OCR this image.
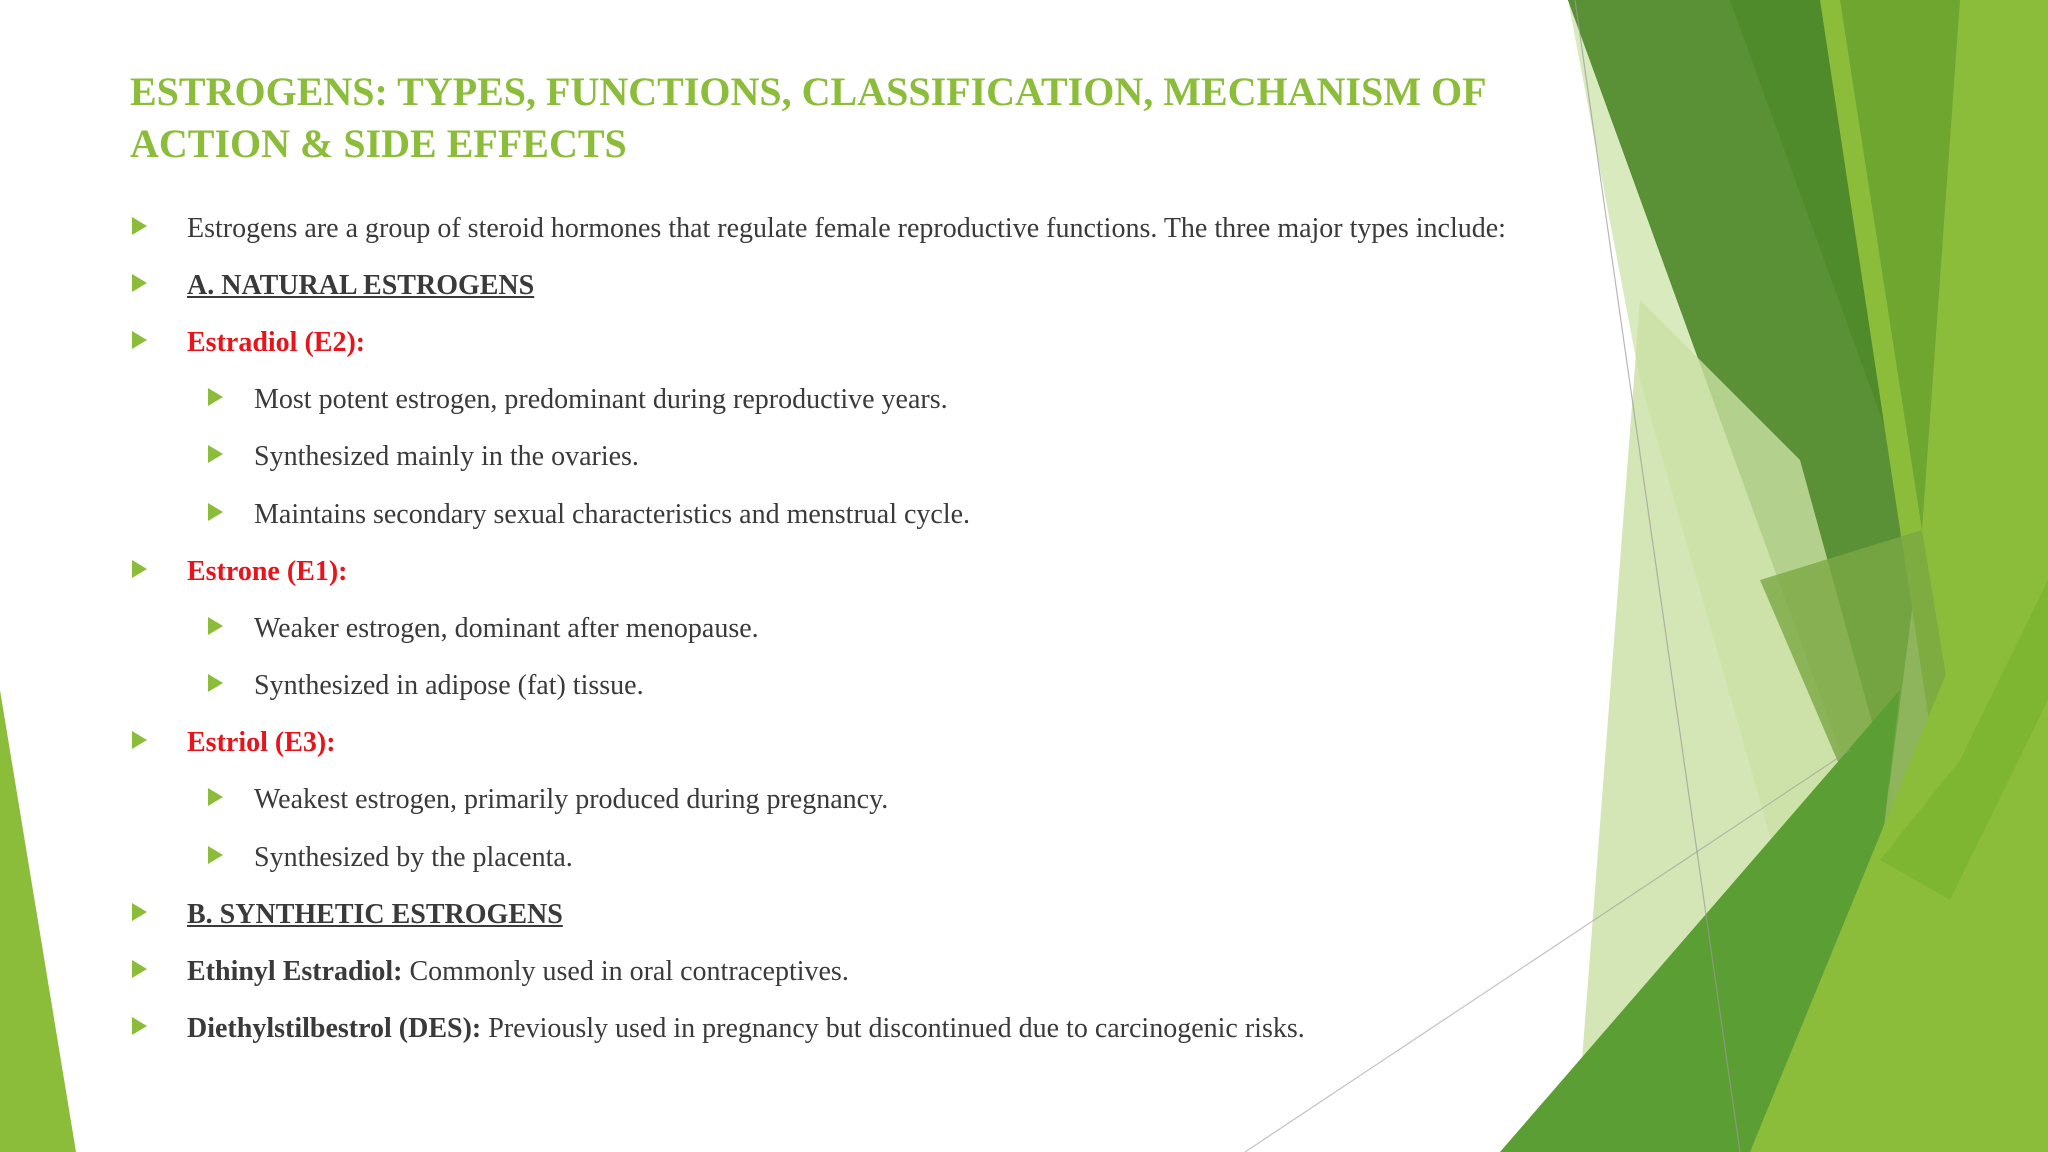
ESTROGENS: TYPES, FUNCTIONS, CLASSIFICATION, MECHANISM OF ACTION & SIDE EFFECTS
Estrogens are a group of steroid hormones that regulate female reproductive functions. The three major types include:
A. NATURAL ESTROGENS
Estradiol (E2):
Most potent estrogen, predominant during reproductive years.
Synthesized mainly in the ovaries.
Maintains secondary sexual characteristics and menstrual cycle.
Estrone (E1):
Weaker estrogen, dominant after menopause.
Synthesized in adipose (fat) tissue.
Estriol (E3):
Weakest estrogen, primarily produced during pregnancy.
Synthesized by the placenta.
B. SYNTHETIC ESTROGENS
Ethinyl Estradiol: Commonly used in oral contraceptives.
Diethylstilbestrol (DES): Previously used in pregnancy but discontinued due to carcinogenic risks.
